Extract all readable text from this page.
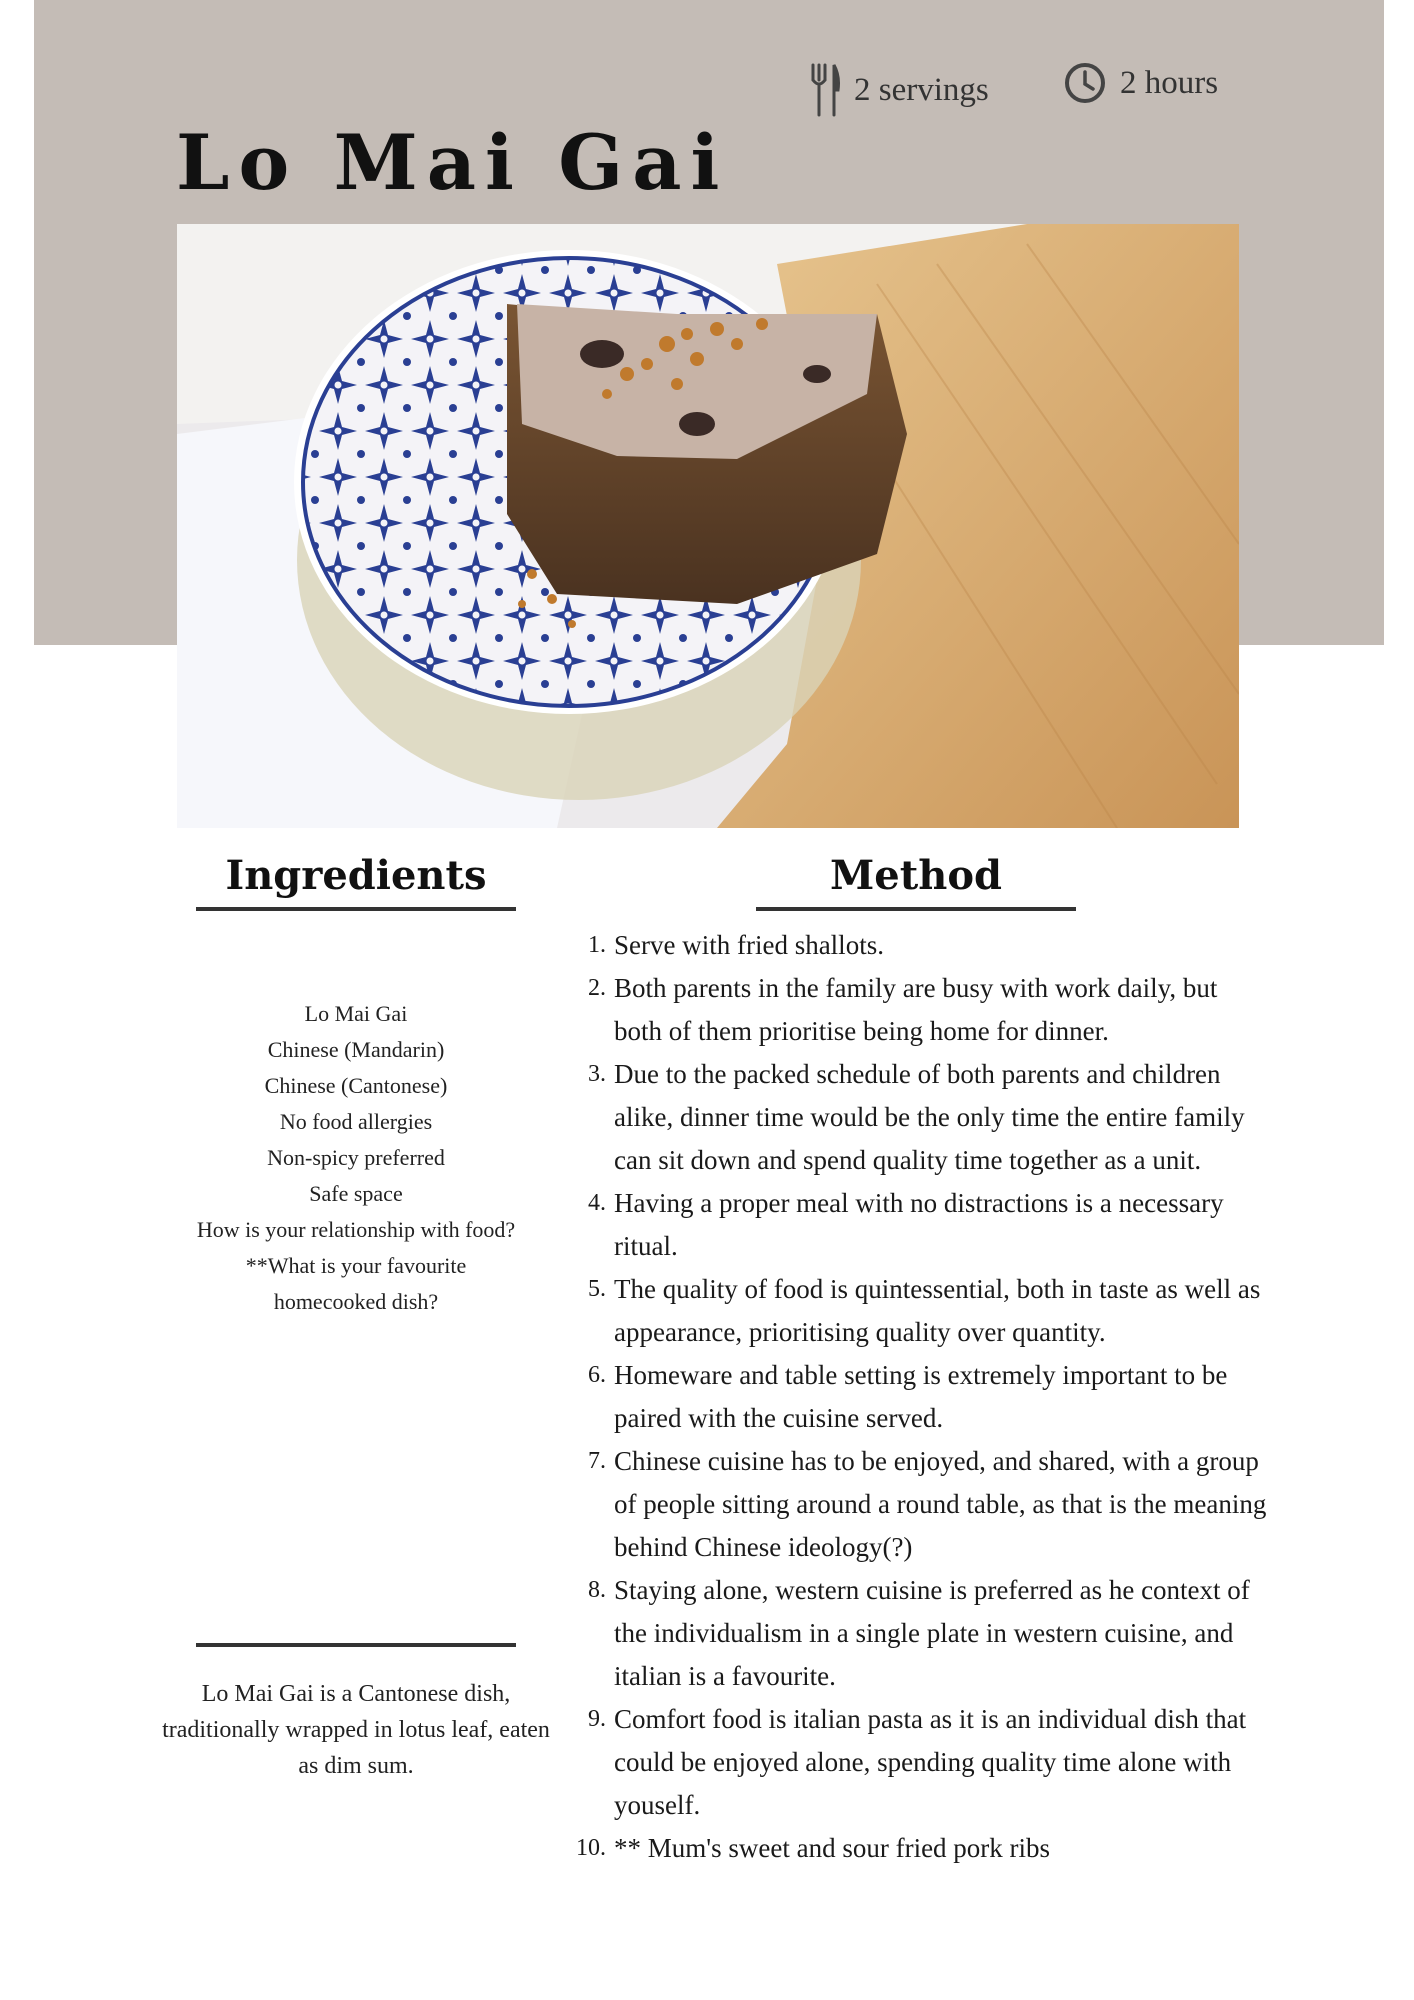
2 servings	2 hours
Lo Mai Gai
Ingredients	Method
Lo Mai Gai
Chinese (Mandarin)
Chinese (Cantonese)
No food allergies
Non-spicy preferred
Safe space
How is your relationship with food?
**What is your favourite homecooked dish?

Lo Mai Gai is a Cantonese dish, traditionally wrapped in lotus leaf, eaten as dim sum.

1. Serve with fried shallots.
2. Both parents in the family are busy with work daily, but both of them prioritise being home for dinner.
3. Due to the packed schedule of both parents and children alike, dinner time would be the only time the entire family can sit down and spend quality time together as a unit.
4. Having a proper meal with no distractions is a necessary ritual.
5. The quality of food is quintessential, both in taste as well as appearance, prioritising quality over quantity.
6. Homeware and table setting is extremely important to be paired with the cuisine served.
7. Chinese cuisine has to be enjoyed, and shared, with a group of people sitting around a round table, as that is the meaning behind Chinese ideology(?)
8. Staying alone, western cuisine is preferred as he context of the individualism in a single plate in western cuisine, and italian is a favourite.
9. Comfort food is italian pasta as it is an individual dish that could be enjoyed alone, spending quality time alone with youself.
10. ** Mum's sweet and sour fried pork ribs
